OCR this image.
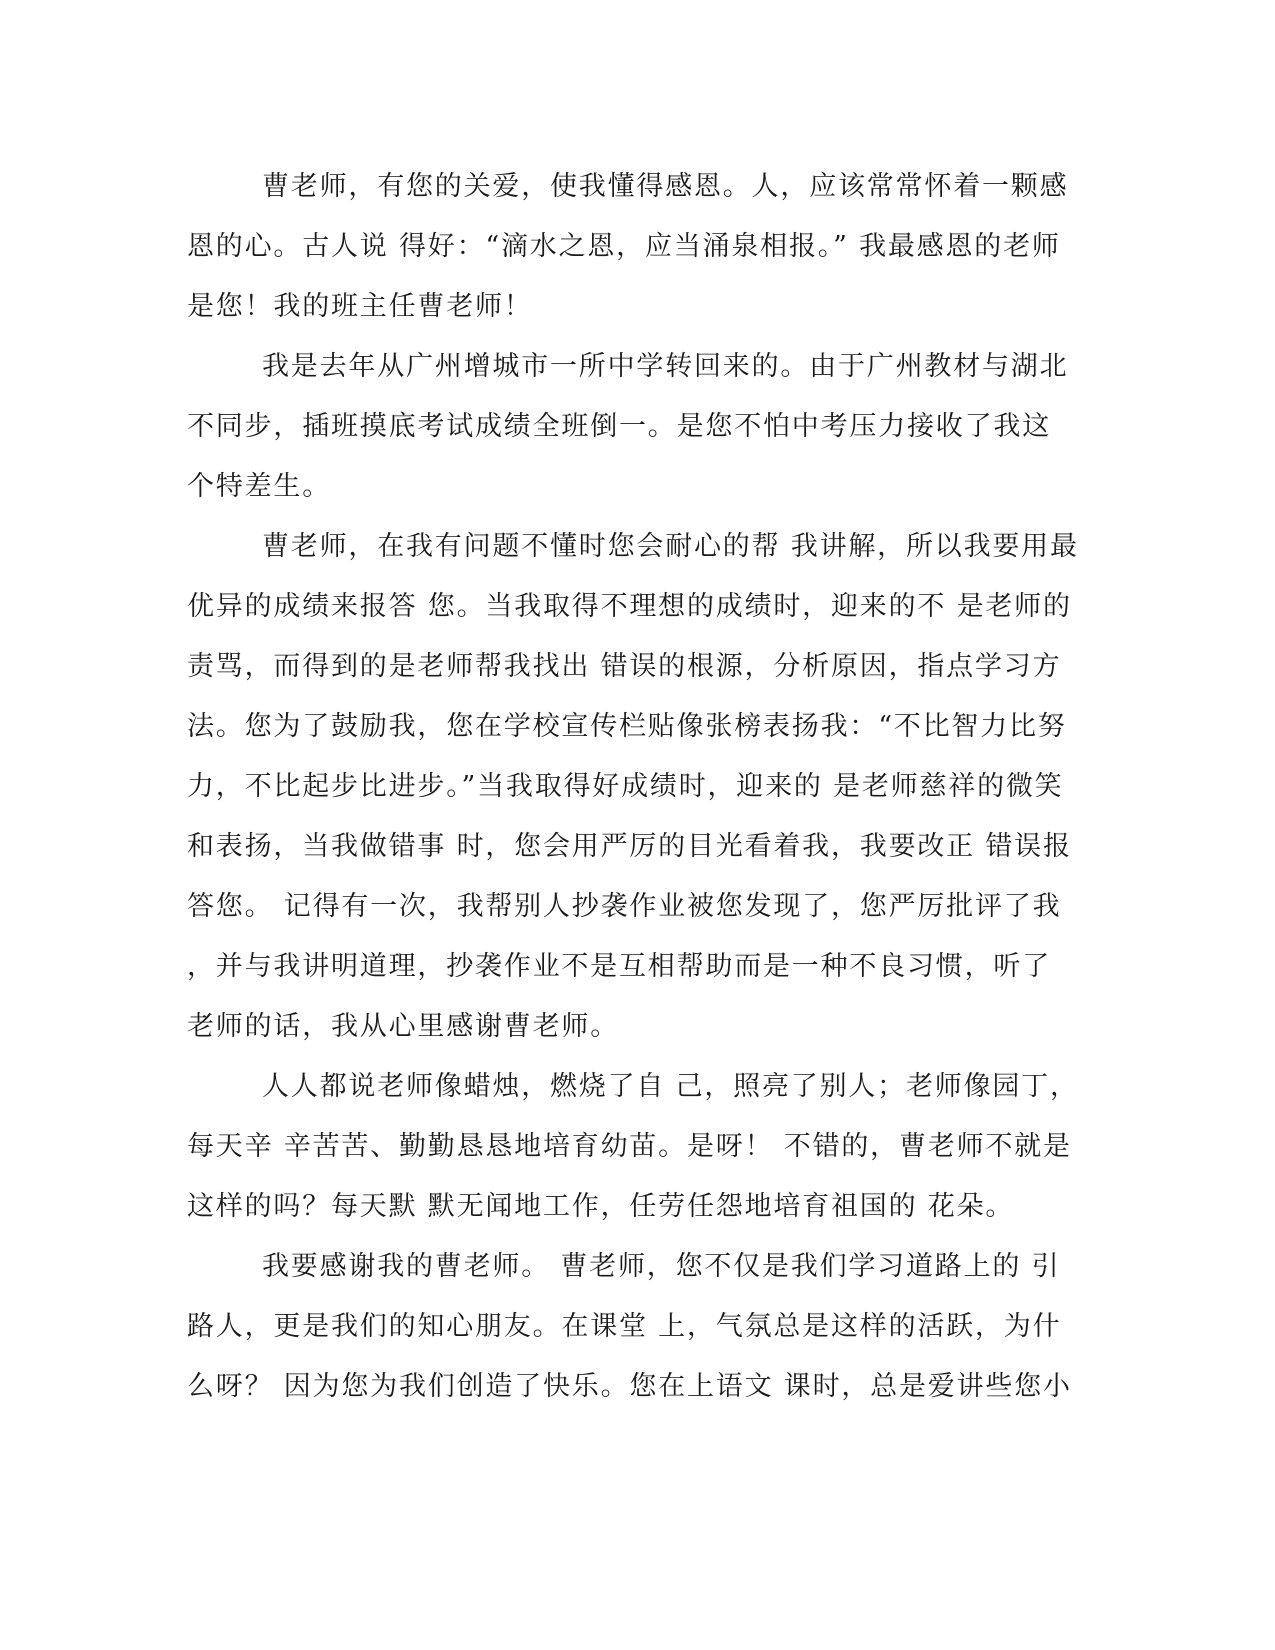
曹老师，有您的关爱，使我懂得感恩。人，应该常常怀着一颗感
恩的心。古人说 得好：“滴水之恩，应当涌泉相报。” 我最感恩的老师
是您！我的班主任曹老师！
我是去年从广州增城市一所中学转回来的。由于广州教材与湖北
不同步，插班摸底考试成绩全班倒一。是您不怕中考压力接收了我这
个特差生。
曹老师，在我有问题不懂时您会耐心的帮 我讲解，所以我要用最
优异的成绩来报答 您。当我取得不理想的成绩时，迎来的不 是老师的
责骂，而得到的是老师帮我找出 错误的根源，分析原因，指点学习方
法。您为了鼓励我，您在学校宣传栏贴像张榜表扬我：“不比智力比努
力，不比起步比进步。”当我取得好成绩时，迎来的 是老师慈祥的微笑
和表扬，当我做错事 时，您会用严厉的目光看着我，我要改正 错误报
答您。 记得有一次，我帮别人抄袭作业被您发现了，您严厉批评了我
，并与我讲明道理，抄袭作业不是互相帮助而是一种不良习惯，听了
老师的话，我从心里感谢曹老师。
人人都说老师像蜡烛，燃烧了自 己，照亮了别人；老师像园丁，
每天辛 辛苦苦、勤勤恳恳地培育幼苗。是呀！ 不错的，曹老师不就是
这样的吗？每天默 默无闻地工作，任劳任怨地培育祖国的 花朵。
我要感谢我的曹老师。 曹老师，您不仅是我们学习道路上的 引
路人，更是我们的知心朋友。在课堂 上，气氛总是这样的活跃，为什
么呀？ 因为您为我们创造了快乐。您在上语文 课时，总是爱讲些您小
